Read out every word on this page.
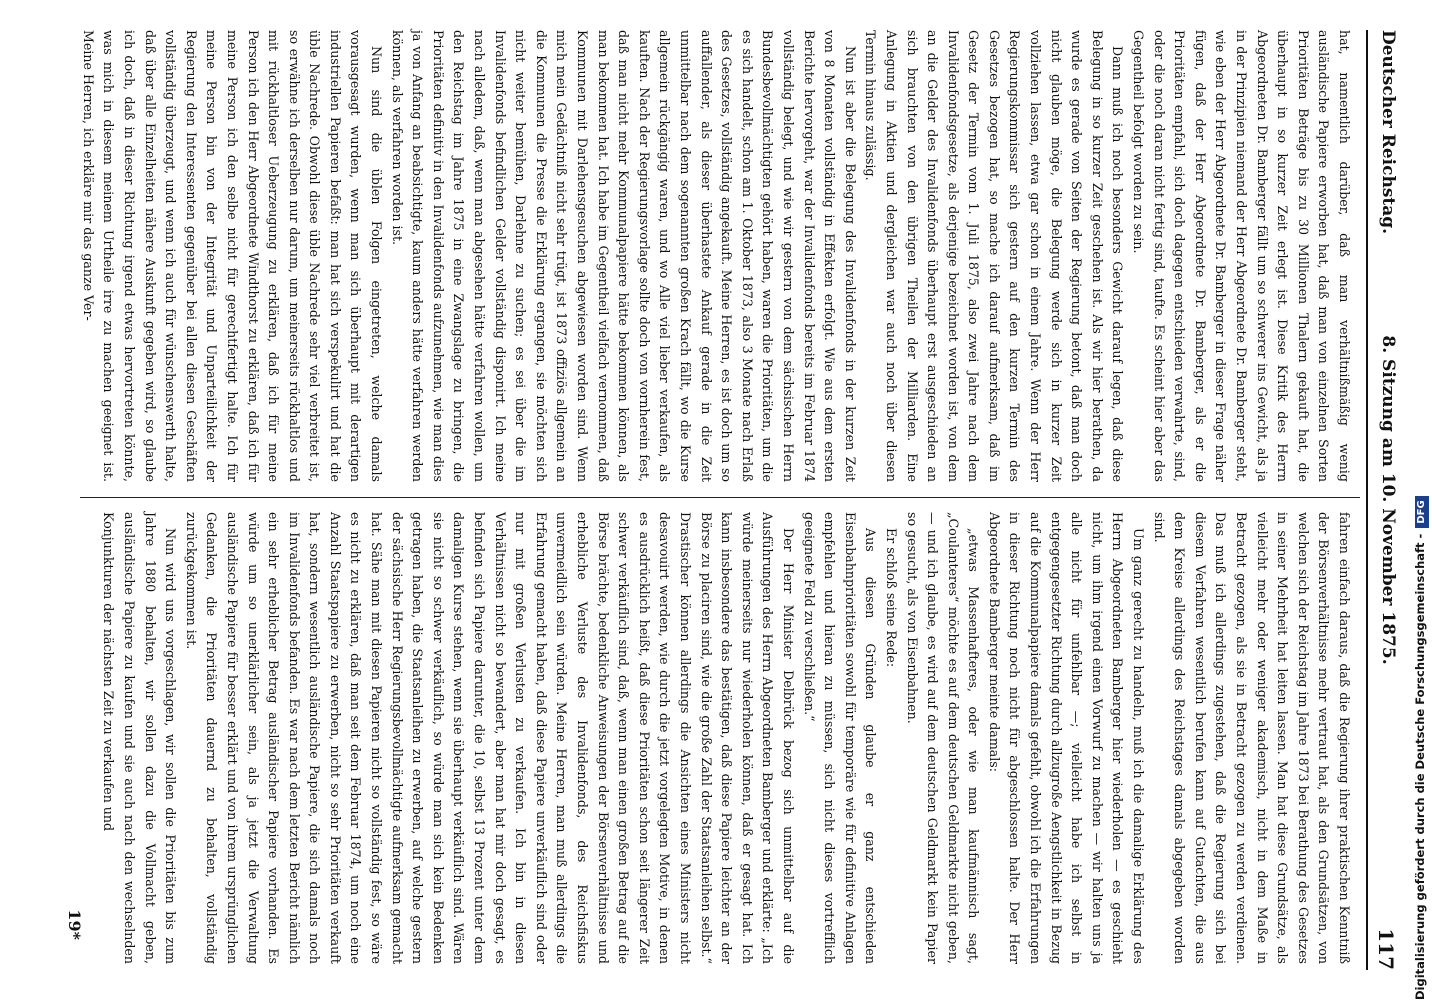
Deutscher Reichstag.
8. Sitzung am 10. November 1875.
117

hat, namentlich darüber, daß man verhältnißmäßig wenig ausländische Papiere erworben hat, daß man von einzelnen Sorten Prioritäten Beträge bis zu 30 Millionen Thalern gekauft hat, die überhaupt in so kurzer Zeit erlegt ist. Diese Kritik des Herrn Abgeordneten Dr. Bamberger fällt um so schwerer ins Gewicht, als ja in der Prinzipien niemand der Herr Abgeordnete Dr. Bamberger steht, wie eben der Herr Abgeordnete Dr. Bamberger in dieser Frage näher fügen, daß der Herr Abgeordnete Dr. Bamberger, als er die Prioritäten empfahl, sich doch dagegen entschieden verwahrte, sind, oder die noch daran nicht fertig sind, taufte. Es scheint hier aber das Gegentheil befolgt worden zu sein.

Dann muß ich noch besonders Gewicht darauf legen, daß diese Belegung in so kurzer Zeit geschehen ist. Als wir hier berathen, da wurde es gerade von Seiten der Regierung betont, daß man doch nicht glauben möge, die Belegung werde sich in kurzer Zeit vollziehen lassen, etwa gar schon in einem Jahre. Wenn der Herr Regierungskommissar sich gestern auf den kurzen Termin des Gesetzes bezogen hat, so mache ich darauf aufmerksam, daß im Gesetz der Termin vom 1. Juli 1875, also zwei Jahre nach dem Invalidenfondsgesetze, als derjenige bezeichnet worden ist, von dem an die Gelder des Invalidenfonds überhaupt erst ausgeschieden an sich brauchten von den übrigen Theilen der Milliarden. Eine Anlegung in Aktien und dergleichen war auch noch über diesen Termin hinaus zulässig.

Nun ist aber die Belegung des Invalidenfonds in der kurzen Zeit von 8 Monaten vollständig in Effekten erfolgt. Wie aus dem ersten Berichte hervorgeht, war der Invalidenfonds bereits im Februar 1874 vollständig belegt, und wie wir gestern von dem sächsischen Herrn Bundesbevollmächtigten gehört haben, waren die Prioritäten, um die es sich handelt, schon am 1. Oktober 1873, also 3 Monate nach Erlaß des Gesetzes, vollständig angekauft. Meine Herren, es ist doch um so auffallender, als dieser überhastete Ankauf gerade in die Zeit unmittelbar nach dem sogenannten großen Krach fällt, wo die Kurse allgemein rückgängig waren, und wo Alle viel lieber verkaufen, als kauften. Nach der Regierungsvorlage sollte doch von vornherein fest, daß man nicht mehr Kommunalpapiere hätte bekommen können, als man bekommen hat. Ich habe im Gegentheil vielfach vernommen, daß Kommunen mit Darlehensgesuchen abgewiesen worden sind. Wenn mich mein Gedächtniß nicht sehr trügt, ist 1873 offiziös allgemein an die Kommunen die Presse die Erklärung ergangen, sie möchten sich nicht weiter bemühen, Darlehne zu suchen; es sei über die im Invalidenfonds befindlichen Gelder vollständig disponirt. Ich meine nach alledem, daß, wenn man abgesehen hätte verfahren wollen, um den Reichstag im Jahre 1875 in eine Zwangslage zu bringen, die Prioritäten definitiv in den Invalidenfonds aufzunehmen, wie man dies ja von Anfang an beabsichtigte, kaum anders hätte verfahren werden können, als verfahren worden ist.

Nun sind die üblen Folgen eingetreten, welche damals vorausgesagt wurden, wenn man sich überhaupt mit derartigen industriellen Papieren befaßt: man hat sich verspekulirt und hat die üble Nachrede. Obwohl diese üble Nachrede sehr viel verbreitet ist, so erwähne ich derselben nur darum, um meinerseits rückhaltlos und mit rückhaltloser Ueberzeugung zu erklären, daß ich für meine Person ich den Herr Abgeordnete Windthorst zu erklären, daß ich für meine Person ich den selbe nicht für gerechtfertigt halte. Ich für meine Person bin von der Integrität und Unparteilichkeit der Regierung den Interessenten gegenüber bei allen diesen Geschäften vollständig überzeugt, und wenn ich auch für wünschenswerth halte, daß über alle Einzelheiten nähere Auskunft gegeben wird, so glaube ich doch, daß in dieser Richtung irgend etwas hervortreten könnte, was mich in diesem meinem Urtheile irre zu machen geeignet ist. Meine Herren, ich erkläre mir das ganze Ver-

fahren einfach daraus, daß die Regierung ihrer praktischen Kenntniß der Börsenverhältnisse mehr vertraut hat, als den Grundsätzen, von welchen sich der Reichstag im Jahre 1873 bei Berathung des Gesetzes in seiner Mehrheit hat leiten lassen. Man hat diese Grundsätze, als vielleicht mehr oder weniger akademisch, nicht in dem Maße in Betracht gezogen, als sie in Betracht gezogen zu werden verdienen. Das muß ich allerdings zugestehen, daß die Regierung sich bei diesem Verfahren wesentlich berufen kann auf Gutachten, die aus dem Kreise allerdings des Reichstages damals abgegeben worden sind.

Um ganz gerecht zu handeln, muß ich die damalige Erklärung des Herrn Abgeordneten Bamberger hier wiederholen — es geschieht nicht, um ihm irgend einen Vorwurf zu machen — wir halten uns ja alle nicht für unfehlbar —; vielleicht habe ich selbst in entgegengesetzter Richtung durch allzugroße Aengstlichkeit in Bezug auf die Kommunalpapiere damals gefehlt, obwohl ich die Erfahrungen in dieser Richtung noch nicht für abgeschlossen halte. Der Herr Abgeordnete Bamberger meinte damals:

„etwas Massenhafteres, oder wie man kaufmännisch sagt, „Coulanteres“ möchte es auf dem deutschen Geldmarkte nicht geben, — und ich glaube, es wird auf dem deutschen Geldmarkt kein Papier so gesucht, als von Eisenbahnen.

Er schloß seine Rede:

Aus diesen Gründen glaube er ganz entschieden Eisenbahnprioritäten sowohl für temporäre wie für definitive Anlagen empfehlen und hieran zu müssen, sich nicht dieses vortrefflich geeignete Feld zu verschließen.“

Der Herr Minister Delbrück bezog sich unmittelbar auf die Ausführungen des Herrn Abgeordneten Bamberger und erklärte: „Ich würde meinerseits nur wiederholen können, daß er gesagt hat. Ich kann insbesondere das bestätigen, daß diese Papiere leichter an der Börse zu placiren sind, wie die große Zahl der Staatsanleihen selbst.“ Drastischer können allerdings die Ansichten eines Ministers nicht desavouirt werden, wie durch die jetzt vorgelegten Motive, in denen es ausdrücklich heißt, daß diese Prioritäten schon seit längerer Zeit schwer verkäuflich sind, daß, wenn man einen großen Betrag auf die Börse brächte, bedenkliche Anweisungen der Börsenverhältnisse und erhebliche Verluste des Invalidenfonds, des Reichsfiskus unvermeidlich sein würden. Meine Herren, man muß allerdings die Erfahrung gemacht haben, daß diese Papiere unverkäuflich sind oder nur mit großen Verlusten zu verkaufen. Ich bin in diesen Verhältnissen nicht so bewandert, aber man hat mir doch gesagt, es befinden sich Papiere darunter, die 10, selbst 13 Prozent unter dem damaligen Kurse stehen, wenn sie überhaupt verkäuflich sind. Wären sie nicht so schwer verkäuflich, so würde man sich kein Bedenken getragen haben, die Staatsanleihen zu erwerben, auf welche gestern der sächsische Herr Regierungsbevollmächtigte aufmerksam gemacht hat. Sähe man mit diesen Papieren nicht so vollständig fest, so wäre es nicht zu erklären, daß man seit dem Februar 1874, um noch eine Anzahl Staatspapiere zu erwerben, nicht so sehr Prioritäten verkauft hat, sondern wesentlich ausländische Papiere, die sich damals noch im Invalidenfonds befanden. Es war nach dem letzten Bericht nämlich ein sehr erheblicher Betrag ausländischer Papiere vorhanden. Es würde um so unerklärlicher sein, als ja jetzt die Verwaltung ausländische Papiere für besser erklärt und von ihrem ursprünglichen Gedanken, die Prioritäten dauernd zu behalten, vollständig zurückgekommen ist.

Nun wird uns vorgeschlagen, wir sollen die Prioritäten bis zum Jahre 1880 behalten, wir sollen dazu die Vollmacht geben, ausländische Papiere zu kaufen und sie auch nach den wechselnden Konjunkturen der nächsten Zeit zu verkaufen und

19*	Digitalisierung gefördert durch die Deutsche Forschungsgemeinschaft -DFG
